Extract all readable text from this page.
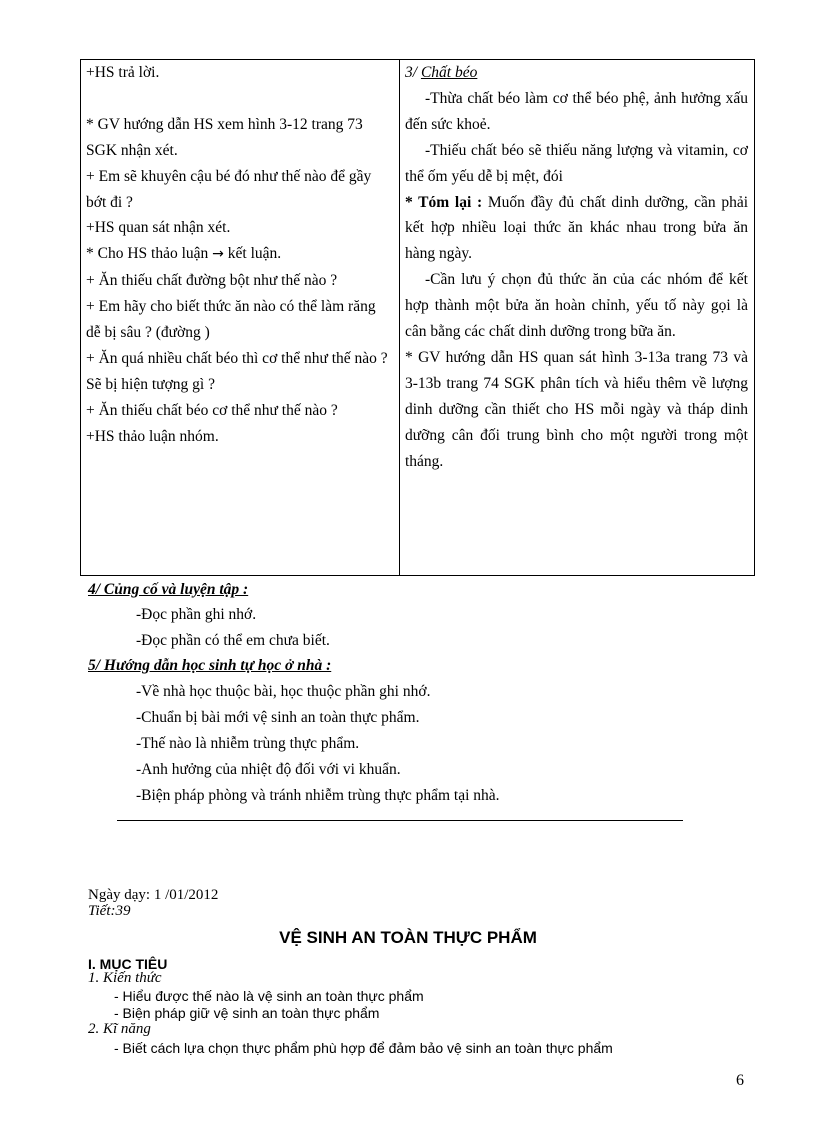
+HS trả lời.

* GV hướng dẫn HS xem hình 3-12 trang 73 SGK nhận xét.

+ Em sẽ khuyên cậu bé đó như thế nào để gầy bớt đi ?

+HS quan sát nhận xét.

* Cho HS thảo luận → kết luận.

+ Ăn thiếu chất đường bột như thế nào ?

+ Em hãy cho biết thức ăn nào có thể làm răng dễ bị sâu ? (đường )

+ Ăn quá nhiều chất béo thì cơ thể như thế nào ?Sẽ bị hiện tượng gì ?

+ Ăn thiếu chất béo cơ thể như thế nào ?

+HS thảo luận nhóm.

3/ Chất béo

-Thừa chất béo làm cơ thể béo phệ, ảnh hưởng xấu đến sức khoẻ.

-Thiếu chất béo sẽ thiếu năng lượng và vitamin, cơ thể ốm yếu dễ bị mệt, đói

* Tóm lại : Muốn đầy đủ chất dinh dưỡng, cần phải kết hợp nhiều loại thức ăn khác nhau trong bửa ăn hàng ngày.

-Cần lưu ý chọn đủ thức ăn của các nhóm để kết hợp thành một bửa ăn hoàn chỉnh, yếu tố này gọi là cân bằng các chất dinh dưỡng trong bữa ăn.

* GV hướng dẫn HS quan sát hình 3-13a trang 73 và 3-13b trang 74 SGK phân tích và hiểu thêm về lượng dinh dưỡng cần thiết cho HS mỗi ngày và tháp dinh dưỡng cân đối trung bình cho một người trong một tháng.

4/ Củng cố và luyện tập :
-Đọc phần ghi nhớ.
-Đọc phần có thể em chưa biết.
5/ Hướng dẫn học sinh tự học ở nhà :
-Về nhà học thuộc bài, học thuộc phần ghi nhớ.
-Chuẩn bị bài mới vệ sinh an toàn thực phẩm.
-Thế nào là nhiễm trùng thực phẩm.
-Anh hưởng của nhiệt độ đối với vi khuẩn.
-Biện pháp phòng và tránh nhiễm trùng thực phẩm tại nhà.
Ngày dạy: 1 /01/2012
Tiết:39
VỆ SINH AN TOÀN THỰC PHẨM
I. MỤC TIÊU
1. Kiến thức
- Hiểu được thế nào là vệ sinh an toàn thực phẩm
- Biện pháp giữ vệ sinh an toàn thực phẩm
2. Kĩ năng
- Biết cách lựa chọn thực phẩm phù hợp để đảm bảo vệ sinh an toàn thực phẩm
6
